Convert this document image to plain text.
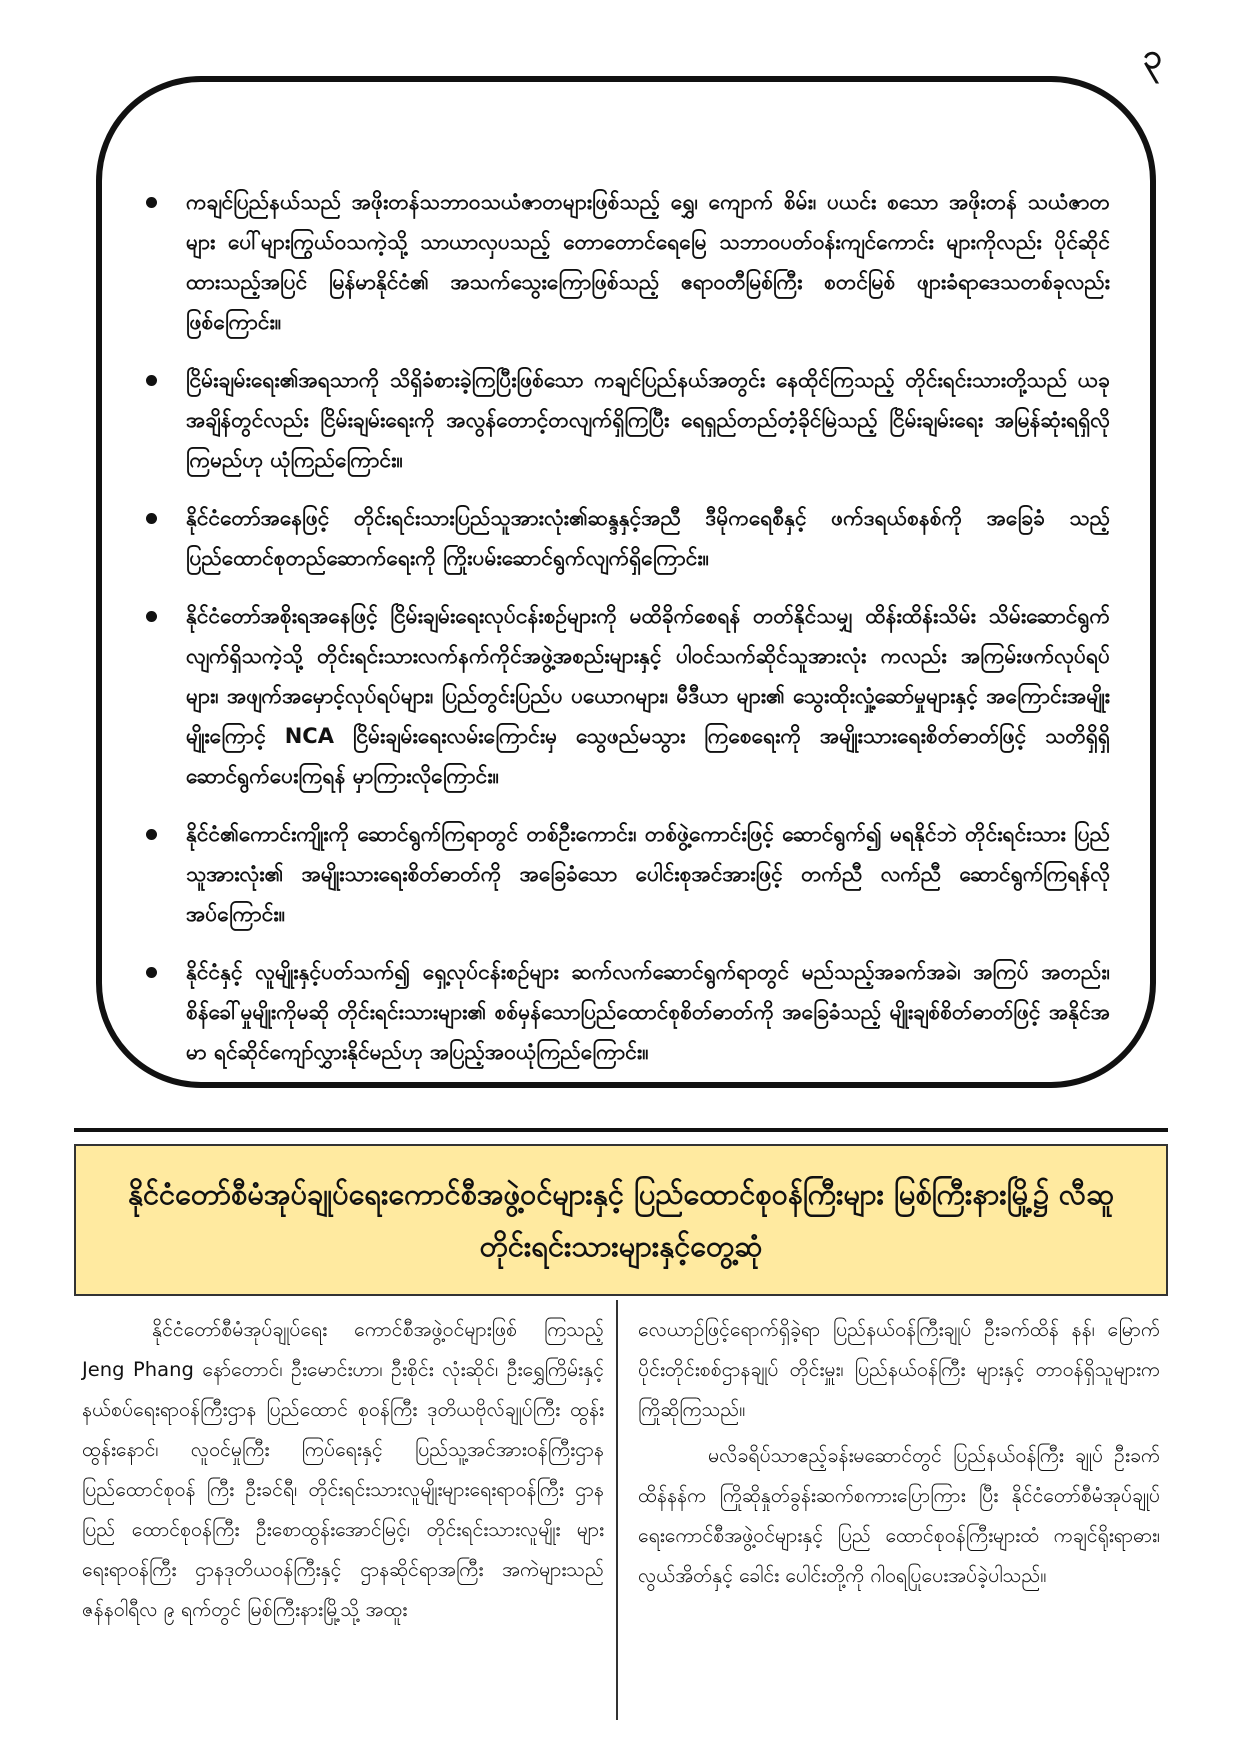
၃
ကချင်ပြည်နယ်သည် အဖိုးတန်သဘာဝသယံဇာတများဖြစ်သည့် ရွှေ၊ ကျောက် စိမ်း၊ ပယင်း စသော အဖိုးတန် သယံဇာတများ ပေါ်များကြွယ်ဝသကဲ့သို့ သာယာလှပသည့် တောတောင်ရေမြေ သဘာဝပတ်ဝန်းကျင်ကောင်း များကိုလည်း ပိုင်ဆိုင်ထားသည့်အပြင် မြန်မာနိုင်ငံ၏ အသက်သွေးကြောဖြစ်သည့် ဧရာဝတီမြစ်ကြီး စတင်မြစ် ဖျားခံရာဒေသတစ်ခုလည်းဖြစ်ကြောင်း။
ငြိမ်းချမ်းရေး၏အရသာကို သိရှိခံစားခဲ့ကြပြီးဖြစ်သော ကချင်ပြည်နယ်အတွင်း နေထိုင်ကြသည့် တိုင်းရင်းသားတို့သည် ယခုအချိန်တွင်လည်း ငြိမ်းချမ်းရေးကို အလွန်တောင့်တလျက်ရှိကြပြီး ရေရှည်တည်တံ့ခိုင်မြဲသည့် ငြိမ်းချမ်းရေး အမြန်ဆုံးရရှိလိုကြမည်ဟု ယုံကြည်ကြောင်း။
နိုင်ငံတော်အနေဖြင့် တိုင်းရင်းသားပြည်သူအားလုံး၏ဆန္ဒနှင့်အညီ ဒီမိုကရေစီနှင့် ဖက်ဒရယ်စနစ်ကို အခြေခံ သည့် ပြည်ထောင်စုတည်ဆောက်ရေးကို ကြိုးပမ်းဆောင်ရွက်လျက်ရှိကြောင်း။
နိုင်ငံတော်အစိုးရအနေဖြင့် ငြိမ်းချမ်းရေးလုပ်ငန်းစဉ်များကို မထိခိုက်စေရန် တတ်နိုင်သမျှ ထိန်းထိန်းသိမ်း သိမ်းဆောင်ရွက်လျက်ရှိသကဲ့သို့ တိုင်းရင်းသားလက်နက်ကိုင်အဖွဲ့အစည်းများနှင့် ပါဝင်သက်ဆိုင်သူအားလုံး ကလည်း အကြမ်းဖက်လုပ်ရပ်များ၊ အဖျက်အမှောင့်လုပ်ရပ်များ၊ ပြည်တွင်းပြည်ပ ပယောဂများ၊ မီဒီယာ များ၏ သွေးထိုးလှုံ့ဆော်မှုများနှင့် အကြောင်းအမျိုးမျိုးကြောင့် NCA ငြိမ်းချမ်းရေးလမ်းကြောင်းမှ သွေဖည်မသွား ကြစေရေးကို အမျိုးသားရေးစိတ်ဓာတ်ဖြင့် သတိရှိရှိဆောင်ရွက်ပေးကြရန် မှာကြားလိုကြောင်း။
နိုင်ငံ၏ကောင်းကျိုးကို ဆောင်ရွက်ကြရာတွင် တစ်ဦးကောင်း၊ တစ်ဖွဲ့ကောင်းဖြင့် ဆောင်ရွက်၍ မရနိုင်ဘဲ တိုင်းရင်းသား ပြည်သူအားလုံး၏ အမျိုးသားရေးစိတ်ဓာတ်ကို အခြေခံသော ပေါင်းစုအင်အားဖြင့် တက်ညီ လက်ညီ ဆောင်ရွက်ကြရန်လိုအပ်ကြောင်း။
နိုင်ငံနှင့် လူမျိုးနှင့်ပတ်သက်၍ ရှေ့လုပ်ငန်းစဉ်များ ဆက်လက်ဆောင်ရွက်ရာတွင် မည်သည့်အခက်အခဲ၊ အကြပ် အတည်း၊ စိန်ခေါ်မှုမျိုးကိုမဆို တိုင်းရင်းသားများ၏ စစ်မှန်သောပြည်ထောင်စုစိတ်ဓာတ်ကို အခြေခံသည့် မျိုးချစ်စိတ်ဓာတ်ဖြင့် အနိုင်အမာ ရင်ဆိုင်ကျော်လွှားနိုင်မည်ဟု အပြည့်အဝယုံကြည်ကြောင်း။
နိုင်ငံတော်စီမံအုပ်ချုပ်ရေးကောင်စီအဖွဲ့ဝင်များနှင့် ပြည်ထောင်စုဝန်ကြီးများ မြစ်ကြီးနားမြို့၌ လီဆူတိုင်းရင်းသားများနှင့်တွေ့ဆုံ

နိုင်ငံတော်စီမံအုပ်ချုပ်ရေး ကောင်စီအဖွဲ့ဝင်များဖြစ် ကြသည့် Jeng Phang နော်တောင်၊ ဦးမောင်းဟာ၊ ဦးစိုင်း လုံးဆိုင်၊ ဦးရွှေကြိမ်းနှင့် နယ်စပ်ရေးရာဝန်ကြီးဌာန ပြည်ထောင် စုဝန်ကြီး ဒုတိယဗိုလ်ချုပ်ကြီး ထွန်းထွန်းနောင်၊ လူဝင်မှုကြီး ကြပ်ရေးနှင့် ပြည်သူ့အင်အားဝန်ကြီးဌာန ပြည်ထောင်စုဝန် ကြီး ဦးခင်ရီ၊ တိုင်းရင်းသားလူမျိုးများရေးရာဝန်ကြီး ဌာနပြည် ထောင်စုဝန်ကြီး ဦးစောထွန်းအောင်မြင့်၊ တိုင်းရင်းသားလူမျိုး များရေးရာဝန်ကြီး ဌာနဒုတိယဝန်ကြီးနှင့် ဌာနဆိုင်ရာအကြီး အကဲများသည် ဇန်နဝါရီလ ၉ ရက်တွင် မြစ်ကြီးနားမြို့သို့ အထူး

လေယာဉ်ဖြင့်ရောက်ရှိခဲ့ရာ ပြည်နယ်ဝန်ကြီးချုပ် ဦးခက်ထိန် နန်၊ မြောက်ပိုင်းတိုင်းစစ်ဌာနချုပ် တိုင်းမှူး၊ ပြည်နယ်ဝန်ကြီး များနှင့် တာဝန်ရှိသူများက ကြိုဆိုကြသည်။

မလိခရိပ်သာဧည့်ခန်းမဆောင်တွင် ပြည်နယ်ဝန်ကြီး ချုပ် ဦးခက်ထိန်နန်က ကြိုဆိုနှုတ်ခွန်းဆက်စကားပြောကြား ပြီး နိုင်ငံတော်စီမံအုပ်ချုပ်ရေးကောင်စီအဖွဲ့ဝင်များနှင့် ပြည် ထောင်စုဝန်ကြီးများထံ ကချင်ရိုးရာဓား၊ လွယ်အိတ်နှင့် ခေါင်း ပေါင်းတို့ကို ဂါဝရပြုပေးအပ်ခဲ့ပါသည်။
